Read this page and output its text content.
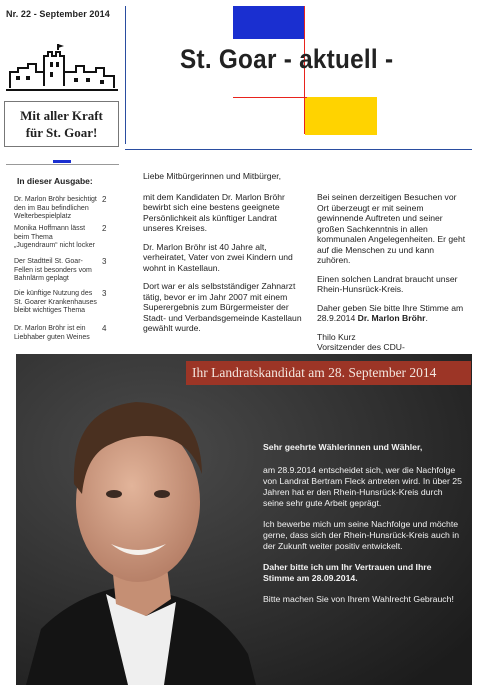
Nr. 22 - September 2014
Mit aller Kraft
für St. Goar!
St. Goar - aktuell -
In dieser Ausgabe:
Dr. Marlon Bröhr besichtigt den im Bau befindlichen Welterbespielplatz
2
Monika Hoffmann lässt beim Thema „Jugendraum“ nicht locker
2
Der Stadtteil St. Goar-Fellen ist besonders vom Bahnlärm geplagt
3
Die künftige Nutzung des St. Goarer Krankenhauses bleibt wichtiges Thema
3
Dr. Marlon Bröhr ist ein Liebhaber guten Weines
4

Liebe Mitbürgerinnen und Mitbürger,

mit dem Kandidaten Dr. Marlon Bröhr bewirbt sich eine bestens geeignete Persönlichkeit als künftiger Landrat unseres Kreises.

Dr. Marlon Bröhr ist 40 Jahre alt, verheiratet, Vater von zwei Kindern und wohnt in Kastellaun.

Dort war er als selbstständiger Zahnarzt tätig, bevor er im Jahr 2007 mit einem Superergebnis zum Bürgermeister der Stadt- und Verbandsgemeinde Kastellaun gewählt wurde.

Bei seinen derzeitigen Besuchen vor Ort überzeugt er mit seinem gewinnende Auftreten und seiner großen Sachkenntnis in allen kommunalen Angelegenheiten. Er geht auf die Menschen zu und kann zuhören.

Einen solchen Landrat braucht unser Rhein-Hunsrück-Kreis.

Daher geben Sie bitte Ihre Stimme am 28.9.2014 Dr. Marlon Bröhr.

Thilo Kurz
Vorsitzender des CDU-
Ihr Landratskandidat am 28. September 2014

Sehr geehrte Wählerinnen und Wähler,

am 28.9.2014 entscheidet sich, wer die Nachfolge von Landrat Bertram Fleck antreten wird. In über 25 Jahren hat er den Rhein-Hunsrück-Kreis durch seine sehr gute Arbeit geprägt.

Ich bewerbe mich um seine Nachfolge und möchte gerne, dass sich der Rhein-Hunsrück-Kreis auch in der Zukunft weiter positiv entwickelt.

Daher bitte ich um Ihr Vertrauen und Ihre Stimme am 28.09.2014.

Bitte machen Sie von Ihrem Wahlrecht Gebrauch!
